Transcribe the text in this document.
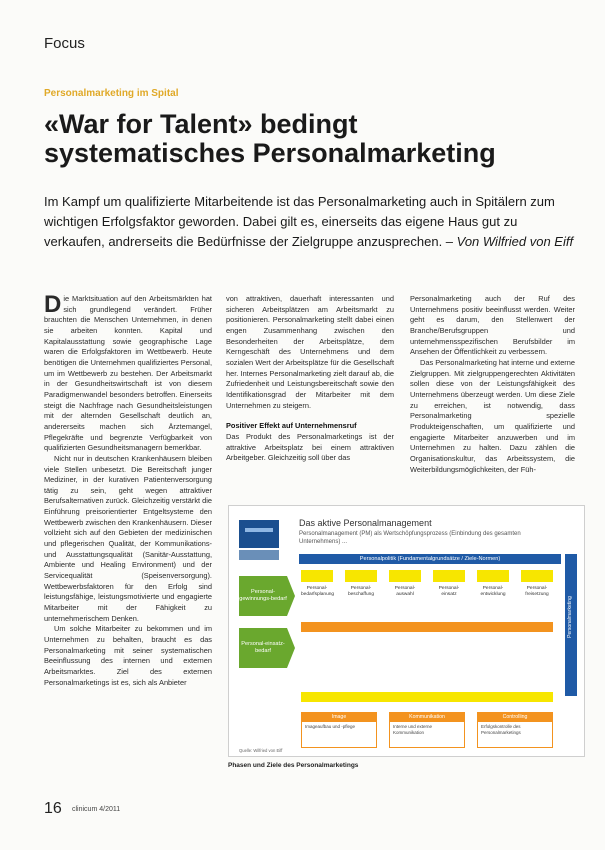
Focus
Personalmarketing im Spital
«War for Talent» bedingt systematisches Personalmarketing
Im Kampf um qualifizierte Mitarbeitende ist das Personalmarketing auch in Spitälern zum wichtigen Erfolgsfaktor geworden. Dabei gilt es, einerseits das eigene Haus gut zu verkaufen, andrerseits die Bedürfnisse der Zielgruppe anzusprechen. – Von Wilfried von Eiff

Die Marktsituation auf den Arbeitsmärkten hat sich grundlegend verändert. Früher brauchten die Menschen Unternehmen, in denen sie arbeiten konnten. Kapital und Kapitalausstattung sowie geographische Lage waren die Erfolgsfaktoren im Wettbewerb. Heute benötigen die Unternehmen qualifiziertes Personal, um im Wettbewerb zu bestehen. Der Arbeitsmarkt in der Gesundheitswirtschaft ist von diesem Paradigmenwandel besonders betroffen. Einerseits steigt die Nachfrage nach Gesundheitsleistungen mit der alternden Gesellschaft deutlich an, andererseits machen sich Ärztemangel, Pflegekräfte und begrenzte Verfügbarkeit von qualifizierten Gesundheitsmanagern bemerkbar.

Nicht nur in deutschen Krankenhäusern bleiben viele Stellen unbesetzt. Die Bereitschaft junger Mediziner, in der kurativen Patientenversorgung tätig zu sein, geht wegen attraktiver Berufsalternativen zurück. Gleichzeitig verstärkt die Einführung preisorientierter Entgeltsysteme den Wettbewerb zwischen den Krankenhäusern. Dieser vollzieht sich auf den Gebieten der medizinischen und pflegerischen Qualität, der Kommunikations- und Ausstattungsqualität (Sanitär-Ausstattung, Ambiente und Healing Environment) und der Servicequalität (Speisenversorgung). Wettbewerbsfaktoren für den Erfolg sind leistungsfähige, leistungsmotivierte und engagierte Mitarbeiter mit der Fähigkeit zu unternehmerischem Denken.

Um solche Mitarbeiter zu bekommen und im Unternehmen zu behalten, braucht es das Personalmarketing mit seiner systematischen Beeinflussung des internen und externen Arbeitsmarktes. Ziel des externen Personalmarketings ist es, sich als Anbieter

von attraktiven, dauerhaft interessanten und sicheren Arbeitsplätzen am Arbeitsmarkt zu positionieren. Personalmarketing stellt dabei einen engen Zusammenhang zwischen den Besonderheiten der Arbeitsplätze, dem Kerngeschäft des Unternehmens und dem sozialen Wert der Arbeitsplätze für die Gesellschaft her. Internes Personalmarketing zielt darauf ab, die Zufriedenheit und Leistungsbereitschaft sowie den Identifikationsgrad der Mitarbeiter mit dem Unternehmen zu steigern.

Positiver Effekt auf Unternehmensruf

Das Produkt des Personalmarketings ist der attraktive Arbeitsplatz bei einem attraktiven Arbeitgeber. Gleichzeitig soll über das

Personalmarketing auch der Ruf des Unternehmens positiv beeinflusst werden. Weiter geht es darum, den Stellenwert der Branche/Berufsgruppen und unternehmensspezifischen Berufsbilder im Ansehen der Öffentlichkeit zu verbessern.

Das Personalmarketing hat interne und externe Zielgruppen. Mit zielgruppengerechten Aktivitäten sollen diese von der Leistungsfähigkeit des Unternehmens überzeugt werden. Um diese Ziele zu erreichen, ist notwendig, dass Personalmarketing spezielle Produkteigenschaften, um qualifizierte und engagierte Mitarbeiter anzuwerben und im Unternehmen zu halten. Dazu zählen die Organisationskultur, das Arbeitssystem, die Weiterbildungsmöglichkeiten, der Füh-

Das aktive Personalmanagement
Personalmanagement (PM) als Wertschöpfungsprozess (Einbindung des gesamten Unternehmens) ...
Personalpolitik (Fundamentalgrundsätze / Ziele-Normen)
Personalmarketing
Personal-gewinnungs-bedarf
Personal-einsatz-bedarf
Personal-bedarfsplanung
Personal-beschaffung
Personal-auswahl
Personal-einsatz
Personal-entwicklung
Personal-freisetzung
Image
Imageaufbau und -pflege
Kommunikation
Interne und externe Kommunikation
Controlling
Erfolgskontrolle des Personalmarketings
Quelle: Wilfried von Eiff
Phasen und Ziele des Personalmarketings
16 clinicum 4/2011
